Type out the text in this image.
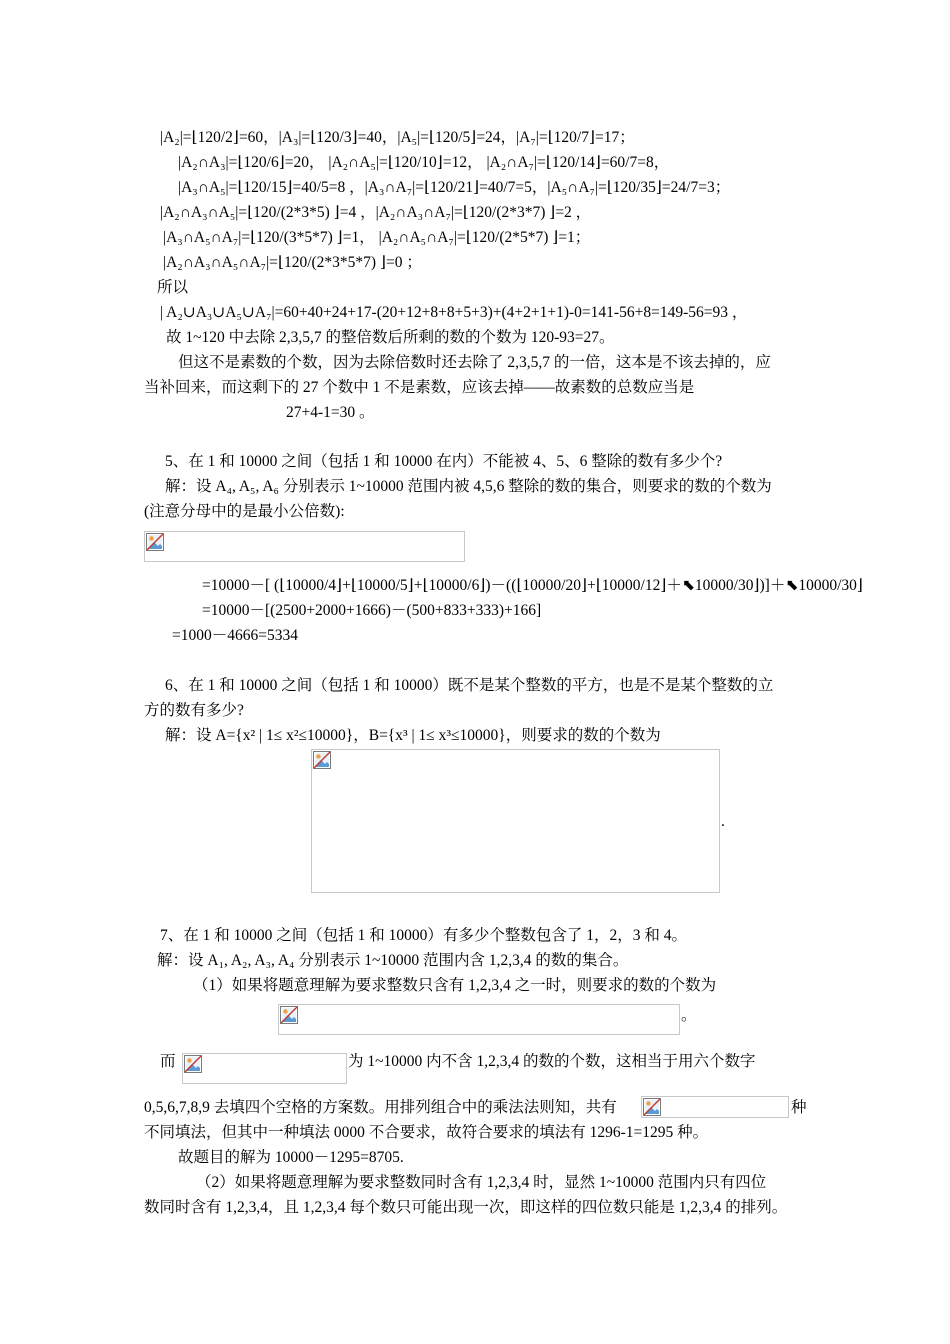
|A₂|=⌊120/2⌋=60，|A₃|=⌊120/3⌋=40，|A₅|=⌊120/5⌋=24，|A₇|=⌊120/7⌋=17；
|A₂∩A₃|=⌊120/6⌋=20， |A₂∩A₅|=⌊120/10⌋=12， |A₂∩A₇|=⌊120/14⌋=60/7=8，
|A₃∩A₅|=⌊120/15⌋=40/5=8 ，|A₃∩A₇|=⌊120/21⌋=40/7=5，|A₅∩A₇|=⌊120/35⌋=24/7=3；
|A₂∩A₃∩A₅|=⌊120/(2*3*5) ⌋=4 ，|A₂∩A₃∩A₇|=⌊120/(2*3*7) ⌋=2 ，
|A₃∩A₅∩A₇|=⌊120/(3*5*7) ⌋=1， |A₂∩A₅∩A₇|=⌊120/(2*5*7) ⌋=1；
|A₂∩A₃∩A₅∩A₇|=⌊120/(2*3*5*7) ⌋=0 ；
所以
| A₂∪A₃∪A₅∪A₇|=60+40+24+17-(20+12+8+8+5+3)+(4+2+1+1)-0=141-56+8=149-56=93 ，
故 1~120 中去除 2,3,5,7 的整倍数后所剩的数的个数为 120-93=27。
但这不是素数的个数，因为去除倍数时还去除了 2,3,5,7 的一倍，这本是不该去掉的，应
当补回来，而这剩下的 27 个数中 1 不是素数，应该去掉——故素数的总数应当是
27+4-1=30 。
5、在 1 和 10000 之间（包括 1 和 10000 在内）不能被 4、5、6 整除的数有多少个?
解：设 A₄, A₅, A₆ 分别表示 1~10000 范围内被 4,5,6 整除的数的集合，则要求的数的个数为
(注意分母中的是最小公倍数):
=10000－[ (⌊10000/4⌋+⌊10000/5⌋+⌊10000/6⌋)－((⌊10000/20⌋+⌊10000/12⌋＋⬉10000/30⌋)]＋⬉10000/30⌋
=10000－[(2500+2000+1666)－(500+833+333)+166]
=1000－4666=5334
6、在 1 和 10000 之间（包括 1 和 10000）既不是某个整数的平方，也是不是某个整数的立
方的数有多少?
解：设 A={x² | 1≤ x²≤10000}，B={x³ | 1≤ x³≤10000}，则要求的数的个数为
.
7、在 1 和 10000 之间（包括 1 和 10000）有多少个整数包含了 1，2，3 和 4。
解：设 A₁, A₂, A₃, A₄ 分别表示 1~10000 范围内含 1,2,3,4 的数的集合。
（1）如果将题意理解为要求整数只含有 1,2,3,4 之一时，则要求的数的个数为
。
而	为 1~10000 内不含 1,2,3,4 的数的个数，这相当于用六个数字
0,5,6,7,8,9 去填四个空格的方案数。用排列组合中的乘法法则知，共有	种
不同填法，但其中一种填法 0000 不合要求，故符合要求的填法有 1296-1=1295 种。
故题目的解为 10000－1295=8705.
（2）如果将题意理解为要求整数同时含有 1,2,3,4 时，显然 1~10000 范围内只有四位
数同时含有 1,2,3,4，且 1,2,3,4 每个数只可能出现一次，即这样的四位数只能是 1,2,3,4 的排列。
